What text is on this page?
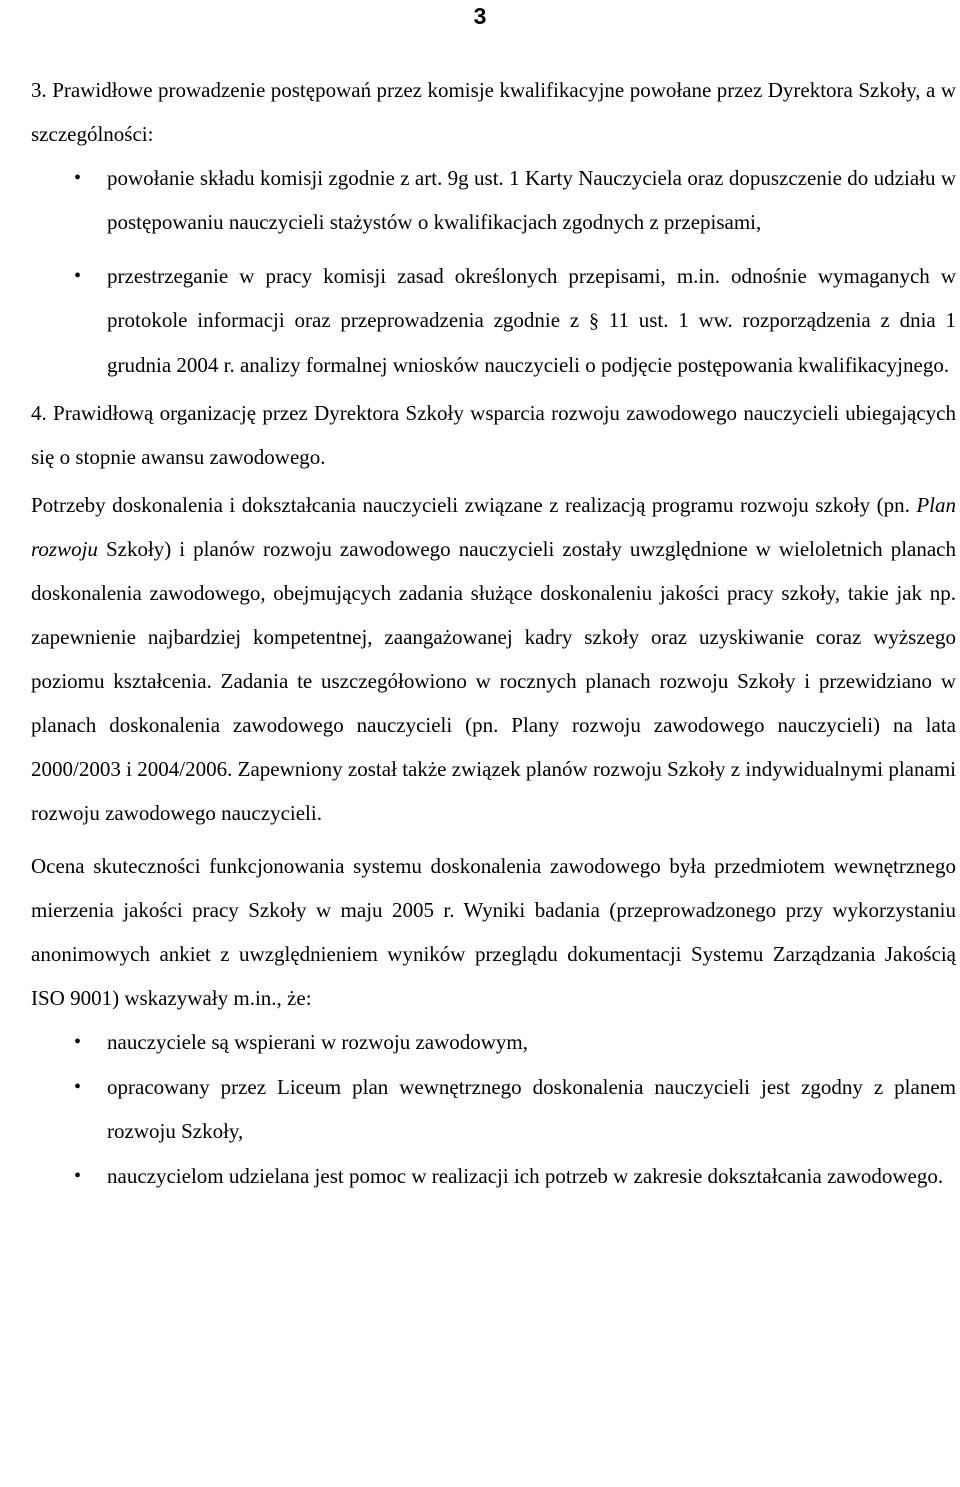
3

3. Prawidłowe prowadzenie postępowań przez komisje kwalifikacyjne powołane przez Dyrektora Szkoły, a w szczególności:

• powołanie składu komisji zgodnie z art. 9g ust. 1 Karty Nauczyciela oraz dopuszczenie do udziału w postępowaniu nauczycieli stażystów o kwalifikacjach zgodnych z przepisami,
• przestrzeganie w pracy komisji zasad określonych przepisami, m.in. odnośnie wymaganych w protokole informacji oraz przeprowadzenia zgodnie z § 11 ust. 1 ww. rozporządzenia z dnia 1 grudnia 2004 r. analizy formalnej wniosków nauczycieli o podjęcie postępowania kwalifikacyjnego.

4. Prawidłową organizację przez Dyrektora Szkoły wsparcia rozwoju zawodowego nauczycieli ubiegających się o stopnie awansu zawodowego.

Potrzeby doskonalenia i dokształcania nauczycieli związane z realizacją programu rozwoju szkoły (pn. Plan rozwoju Szkoły) i planów rozwoju zawodowego nauczycieli zostały uwzględnione w wieloletnich planach doskonalenia zawodowego, obejmujących zadania służące doskonaleniu jakości pracy szkoły, takie jak np. zapewnienie najbardziej kompetentnej, zaangażowanej kadry szkoły oraz uzyskiwanie coraz wyższego poziomu kształcenia. Zadania te uszczegółowiono w rocznych planach rozwoju Szkoły i przewidziano w planach doskonalenia zawodowego nauczycieli (pn. Plany rozwoju zawodowego nauczycieli) na lata 2000/2003 i 2004/2006. Zapewniony został także związek planów rozwoju Szkoły z indywidualnymi planami rozwoju zawodowego nauczycieli.

Ocena skuteczności funkcjonowania systemu doskonalenia zawodowego była przedmiotem wewnętrznego mierzenia jakości pracy Szkoły w maju 2005 r. Wyniki badania (przeprowadzonego przy wykorzystaniu anonimowych ankiet z uwzględnieniem wyników przeglądu dokumentacji Systemu Zarządzania Jakością ISO 9001) wskazywały m.in., że:

• nauczyciele są wspierani w rozwoju zawodowym,
• opracowany przez Liceum plan wewnętrznego doskonalenia nauczycieli jest zgodny z planem rozwoju Szkoły,
• nauczycielom udzielana jest pomoc w realizacji ich potrzeb w zakresie dokształcania zawodowego.
